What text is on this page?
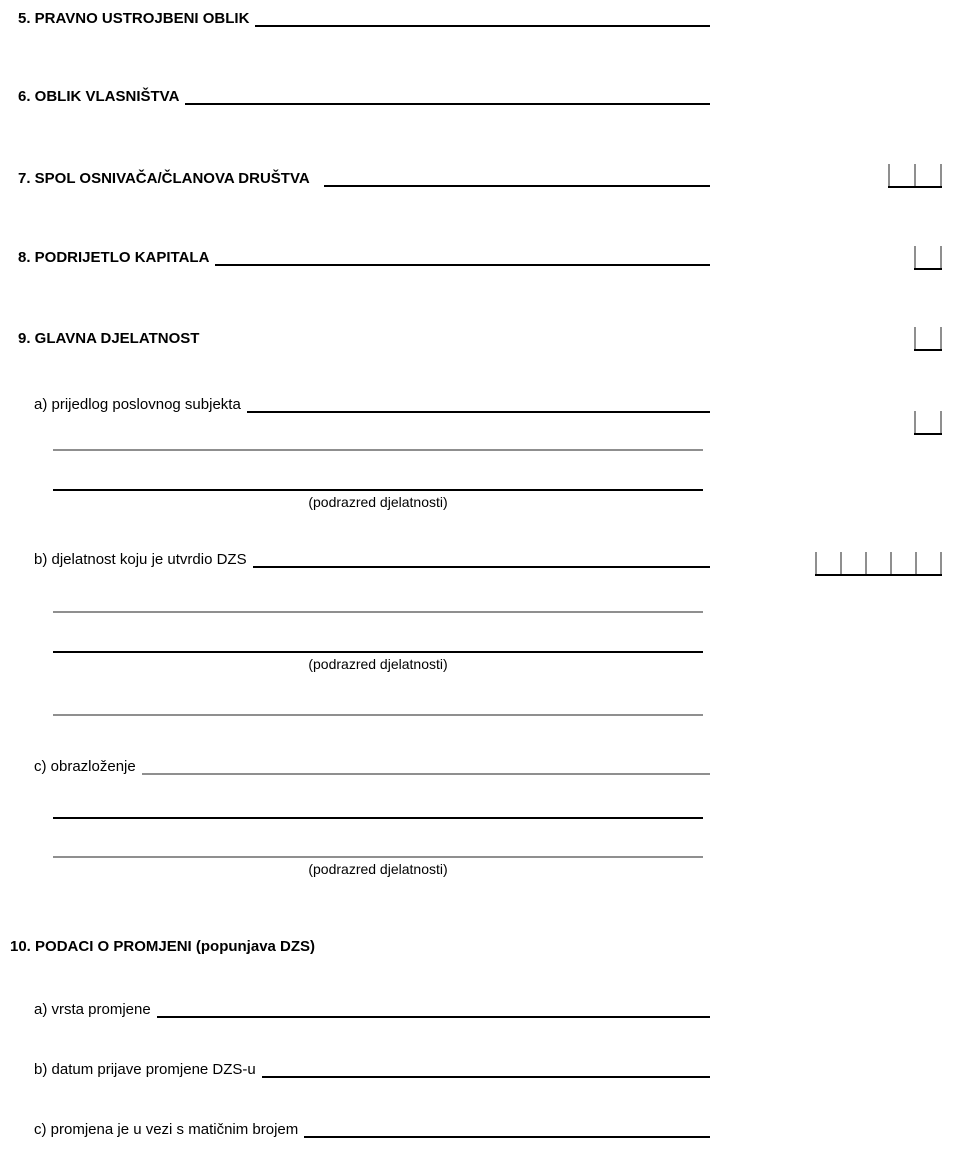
5. PRAVNO USTROJBENI OBLIK
6. OBLIK VLASNIŠTVA
7. SPOL OSNIVAČA/ČLANOVA DRUŠTVA
8. PODRIJETLO KAPITALA
9. GLAVNA DJELATNOST
a) prijedlog poslovnog subjekta
(podrazred djelatnosti)
b) djelatnost koju je utvrdio DZS
(podrazred djelatnosti)
c) obrazloženje
(podrazred djelatnosti)
10. PODACI O PROMJENI (popunjava DZS)
a) vrsta promjene
b) datum prijave promjene DZS-u
c) promjena je u vezi s matičnim brojem
